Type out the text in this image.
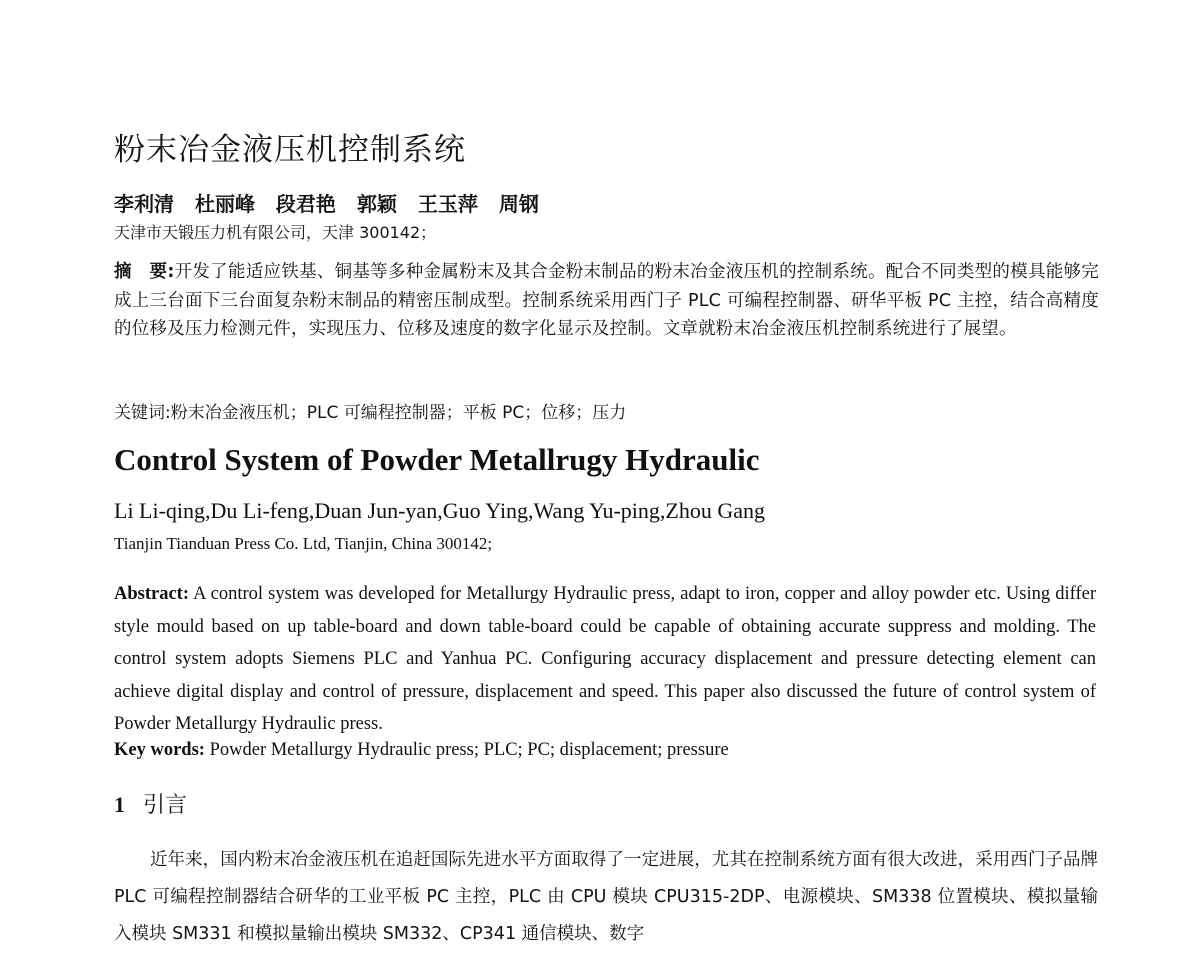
粉末冶金液压机控制系统
李利清 杜丽峰 段君艳 郭颖 王玉萍 周钢
天津市天锻压力机有限公司，天津 300142；
摘　要:开发了能适应铁基、铜基等多种金属粉末及其合金粉末制品的粉末冶金液压机的控制系统。配合不同类型的模具能够完成上三台面下三台面复杂粉末制品的精密压制成型。控制系统采用西门子 PLC 可编程控制器、研华平板 PC 主控，结合高精度的位移及压力检测元件，实现压力、位移及速度的数字化显示及控制。文章就粉末冶金液压机控制系统进行了展望。
关键词:粉末冶金液压机；PLC 可编程控制器；平板 PC；位移；压力
Control System of Powder Metallrugy Hydraulic
Li Li-qing,Du Li-feng,Duan Jun-yan,Guo Ying,Wang Yu-ping,Zhou Gang
Tianjin Tianduan Press Co. Ltd, Tianjin, China 300142;
Abstract: A control system was developed for Metallurgy Hydraulic press, adapt to iron, copper and alloy powder etc. Using differ style mould based on up table-board and down table-board could be capable of obtaining accurate suppress and molding. The control system adopts Siemens PLC and Yanhua PC. Configuring accuracy displacement and pressure detecting element can achieve digital display and control of pressure, displacement and speed. This paper also discussed the future of control system of Powder Metallurgy Hydraulic press.
Key words: Powder Metallurgy Hydraulic press; PLC; PC; displacement; pressure
1 引言
近年来，国内粉末冶金液压机在追赶国际先进水平方面取得了一定进展，尤其在控制系统方面有很大改进，采用西门子品牌 PLC 可编程控制器结合研华的工业平板 PC 主控，PLC 由 CPU 模块 CPU315-2DP、电源模块、SM338 位置模块、模拟量输入模块 SM331 和模拟量输出模块 SM332、CP341 通信模块、数字
